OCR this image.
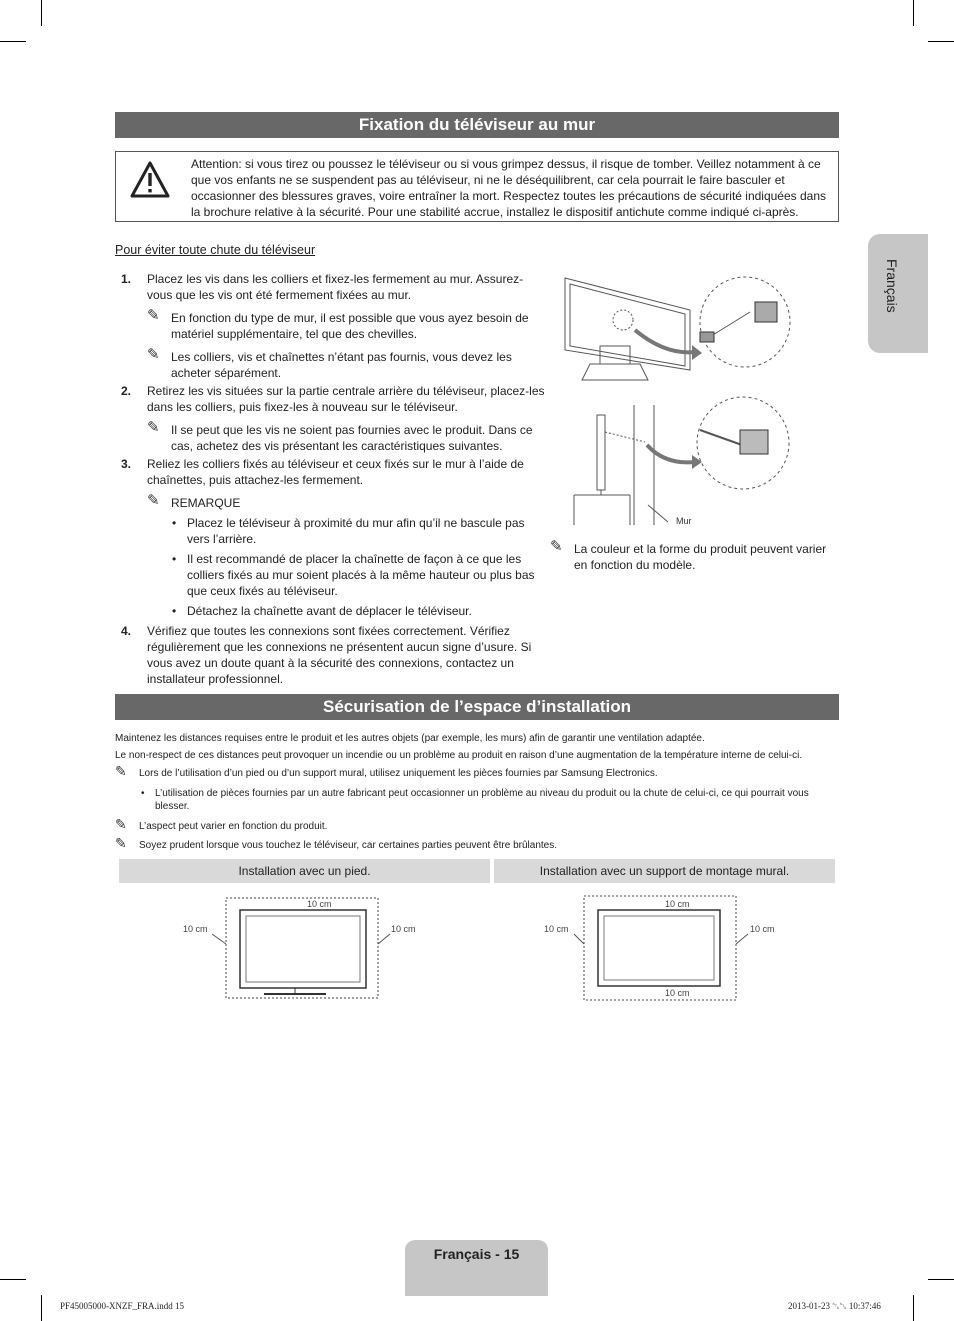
Français
Fixation du téléviseur au mur
Attention: si vous tirez ou poussez le téléviseur ou si vous grimpez dessus, il risque de tomber. Veillez notamment à ce que vos enfants ne se suspendent pas au téléviseur, ni ne le déséquilibrent, car cela pourrait le faire basculer et occasionner des blessures graves, voire entraîner la mort. Respectez toutes les précautions de sécurité indiquées dans la brochure relative à la sécurité. Pour une stabilité accrue, installez le dispositif antichute comme indiqué ci-après.
Pour éviter toute chute du téléviseur
1. Placez les vis dans les colliers et fixez-les fermement au mur. Assurez-vous que les vis ont été fermement fixées au mur.
✎ En fonction du type de mur, il est possible que vous ayez besoin de matériel supplémentaire, tel que des chevilles.
✎ Les colliers, vis et chaînettes n’étant pas fournis, vous devez les acheter séparément.
2. Retirez les vis situées sur la partie centrale arrière du téléviseur, placez-les dans les colliers, puis fixez-les à nouveau sur le téléviseur.
✎ Il se peut que les vis ne soient pas fournies avec le produit. Dans ce cas, achetez des vis présentant les caractéristiques suivantes.
3. Reliez les colliers fixés au téléviseur et ceux fixés sur le mur à l’aide de chaînettes, puis attachez-les fermement.
✎ REMARQUE
• Placez le téléviseur à proximité du mur afin qu’il ne bascule pas vers l’arrière.
• Il est recommandé de placer la chaînette de façon à ce que les colliers fixés au mur soient placés à la même hauteur ou plus bas que ceux fixés au téléviseur.
• Détachez la chaînette avant de déplacer le téléviseur.
4. Vérifiez que toutes les connexions sont fixées correctement. Vérifiez régulièrement que les connexions ne présentent aucun signe d’usure. Si vous avez un doute quant à la sécurité des connexions, contactez un installateur professionnel.
Mur
✎ La couleur et la forme du produit peuvent varier en fonction du modèle.
Sécurisation de l’espace d’installation
Maintenez les distances requises entre le produit et les autres objets (par exemple, les murs) afin de garantir une ventilation adaptée.
Le non-respect de ces distances peut provoquer un incendie ou un problème au produit en raison d’une augmentation de la température interne de celui-ci.
✎ Lors de l’utilisation d’un pied ou d’un support mural, utilisez uniquement les pièces fournies par Samsung Electronics.
• L’utilisation de pièces fournies par un autre fabricant peut occasionner un problème au niveau du produit ou la chute de celui-ci, ce qui pourrait vous blesser.
✎ L’aspect peut varier en fonction du produit.
✎ Soyez prudent lorsque vous touchez le téléviseur, car certaines parties peuvent être brûlantes.
Installation avec un pied.	Installation avec un support de montage mural.
10 cm
10 cm	10 cm
10 cm
10 cm
10 cm	10 cm
Français - 15
PF45005000-XNZF_FRA.indd 15	2013-01-23 ␂␂ 10:37:46
